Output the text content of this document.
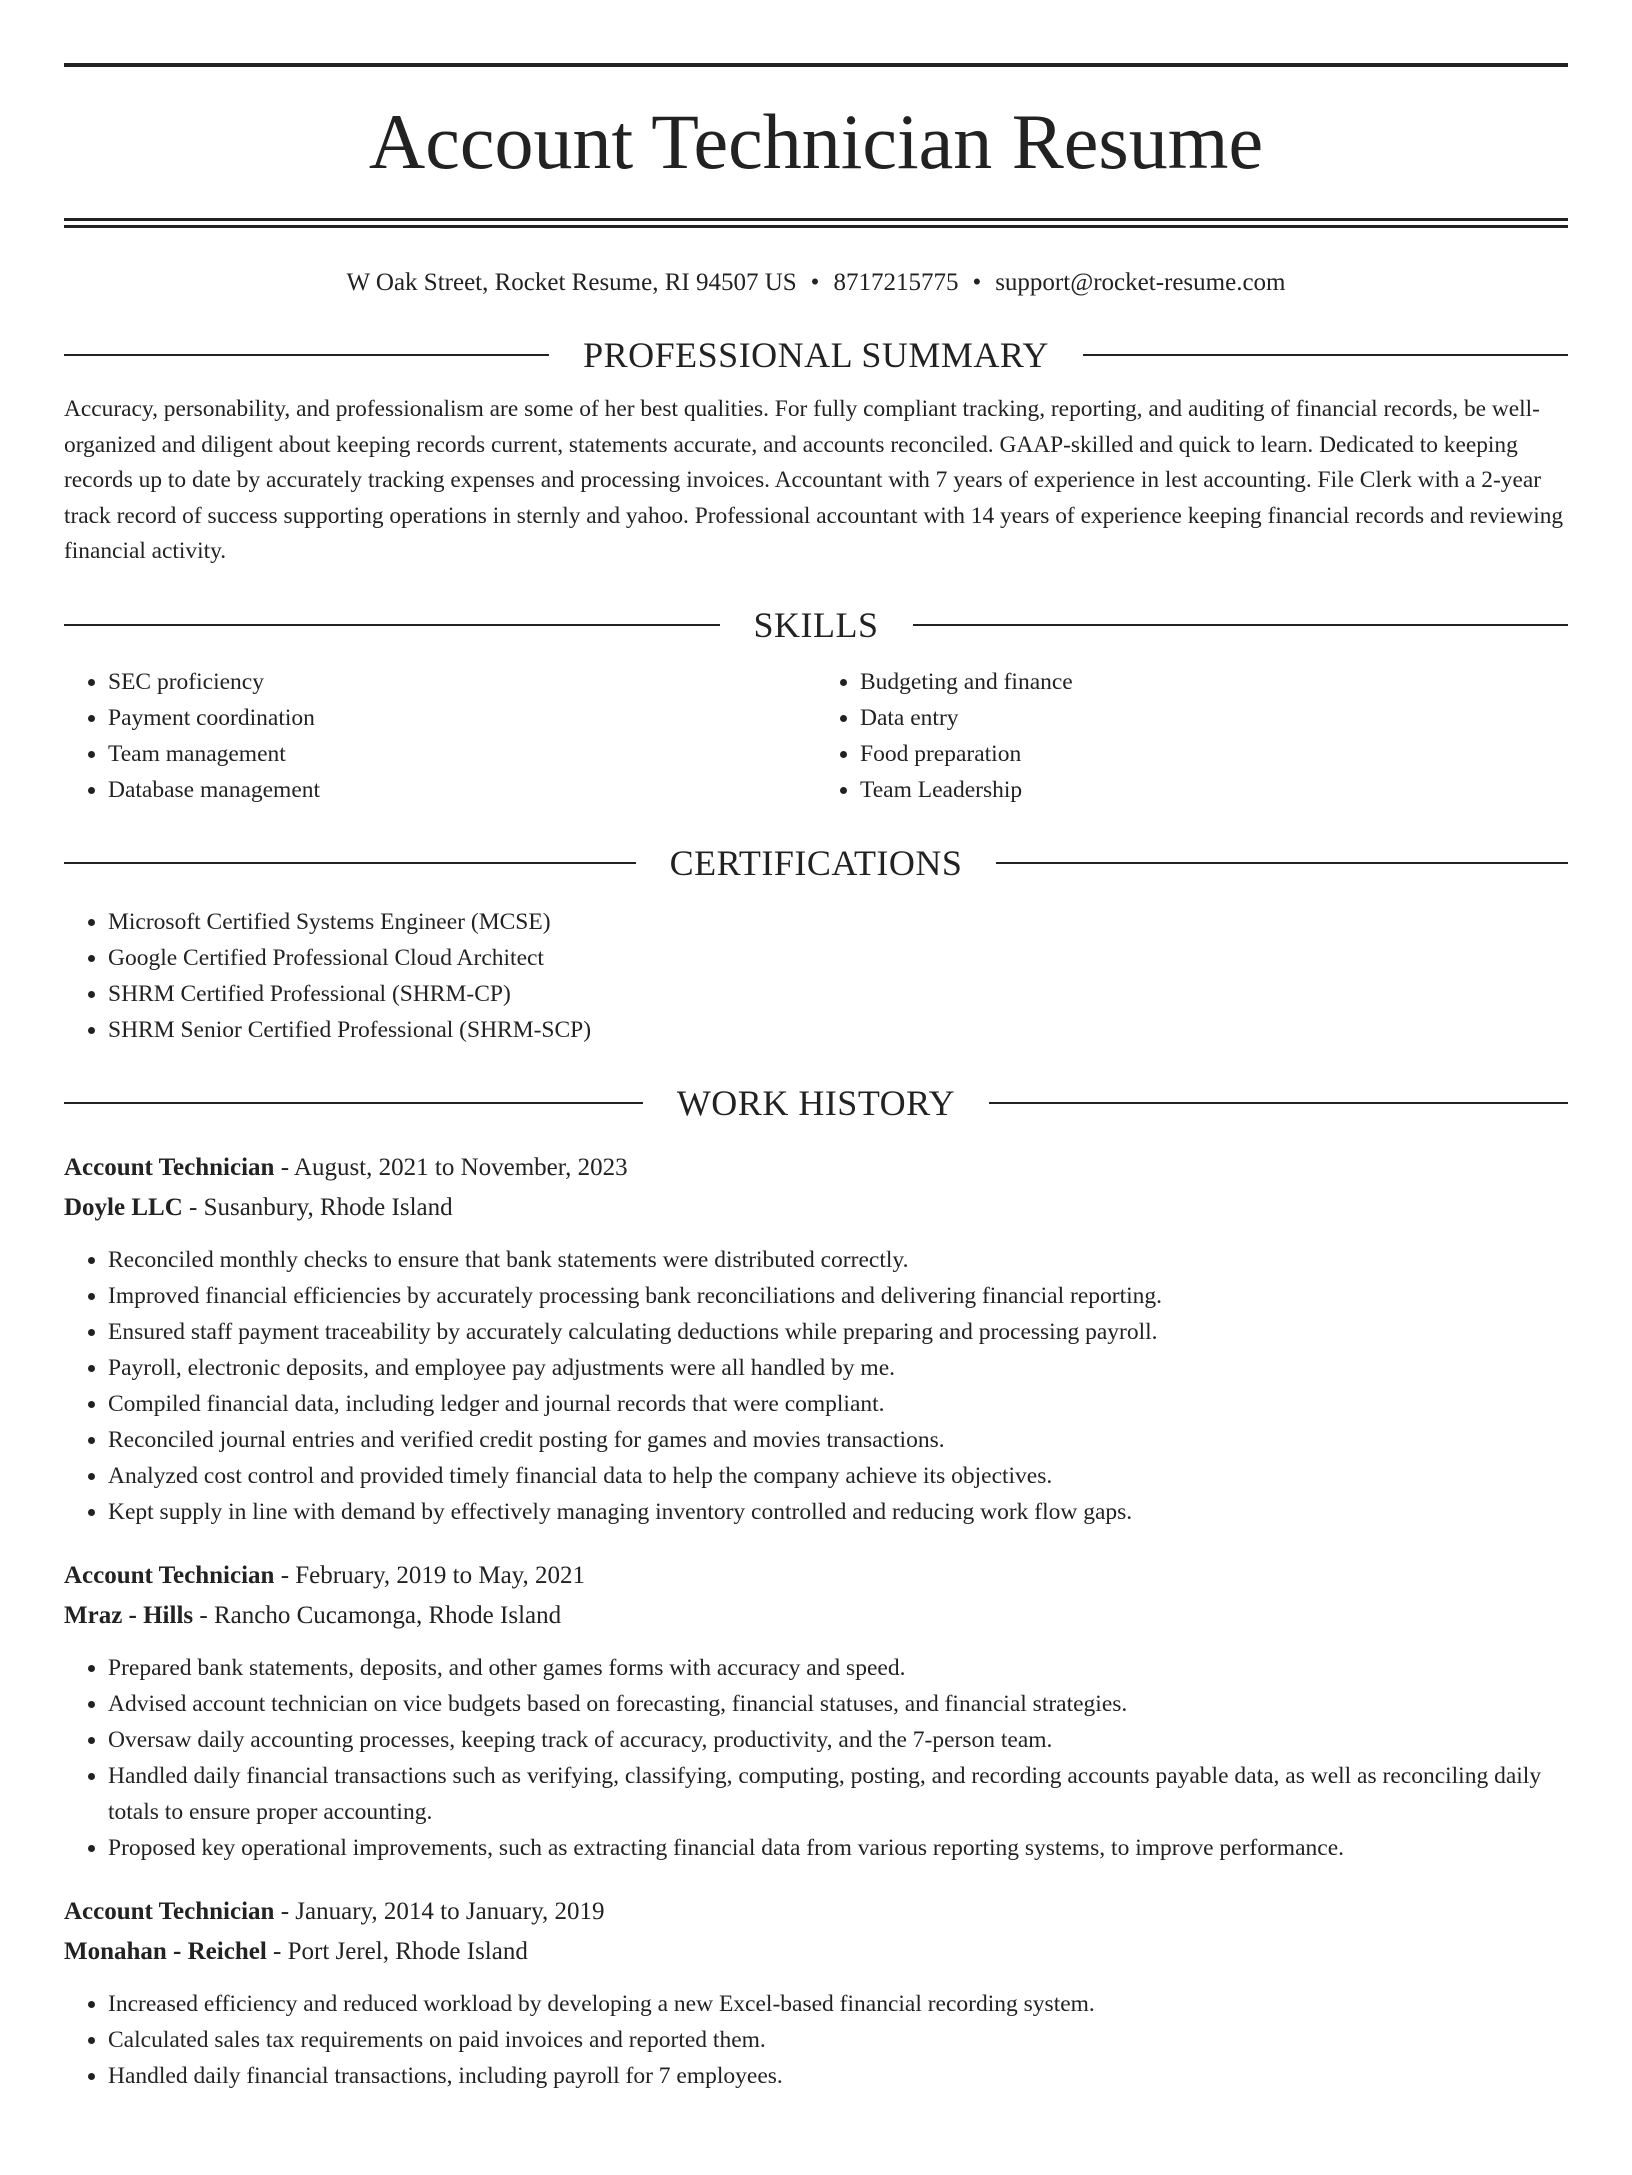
Account Technician Resume
W Oak Street, Rocket Resume, RI 94507 US • 8717215775 • support@rocket-resume.com
PROFESSIONAL SUMMARY
Accuracy, personability, and professionalism are some of her best qualities. For fully compliant tracking, reporting, and auditing of financial records, be well-organized and diligent about keeping records current, statements accurate, and accounts reconciled. GAAP-skilled and quick to learn. Dedicated to keeping records up to date by accurately tracking expenses and processing invoices. Accountant with 7 years of experience in lest accounting. File Clerk with a 2-year track record of success supporting operations in sternly and yahoo. Professional accountant with 14 years of experience keeping financial records and reviewing financial activity.
SKILLS
• SEC proficiency
• Payment coordination
• Team management
• Database management
• Budgeting and finance
• Data entry
• Food preparation
• Team Leadership
CERTIFICATIONS
• Microsoft Certified Systems Engineer (MCSE)
• Google Certified Professional Cloud Architect
• SHRM Certified Professional (SHRM-CP)
• SHRM Senior Certified Professional (SHRM-SCP)
WORK HISTORY
Account Technician - August, 2021 to November, 2023
Doyle LLC - Susanbury, Rhode Island
• Reconciled monthly checks to ensure that bank statements were distributed correctly.
• Improved financial efficiencies by accurately processing bank reconciliations and delivering financial reporting.
• Ensured staff payment traceability by accurately calculating deductions while preparing and processing payroll.
• Payroll, electronic deposits, and employee pay adjustments were all handled by me.
• Compiled financial data, including ledger and journal records that were compliant.
• Reconciled journal entries and verified credit posting for games and movies transactions.
• Analyzed cost control and provided timely financial data to help the company achieve its objectives.
• Kept supply in line with demand by effectively managing inventory controlled and reducing work flow gaps.
Account Technician - February, 2019 to May, 2021
Mraz - Hills - Rancho Cucamonga, Rhode Island
• Prepared bank statements, deposits, and other games forms with accuracy and speed.
• Advised account technician on vice budgets based on forecasting, financial statuses, and financial strategies.
• Oversaw daily accounting processes, keeping track of accuracy, productivity, and the 7-person team.
• Handled daily financial transactions such as verifying, classifying, computing, posting, and recording accounts payable data, as well as reconciling daily totals to ensure proper accounting.
• Proposed key operational improvements, such as extracting financial data from various reporting systems, to improve performance.
Account Technician - January, 2014 to January, 2019
Monahan - Reichel - Port Jerel, Rhode Island
• Increased efficiency and reduced workload by developing a new Excel-based financial recording system.
• Calculated sales tax requirements on paid invoices and reported them.
• Handled daily financial transactions, including payroll for 7 employees.
